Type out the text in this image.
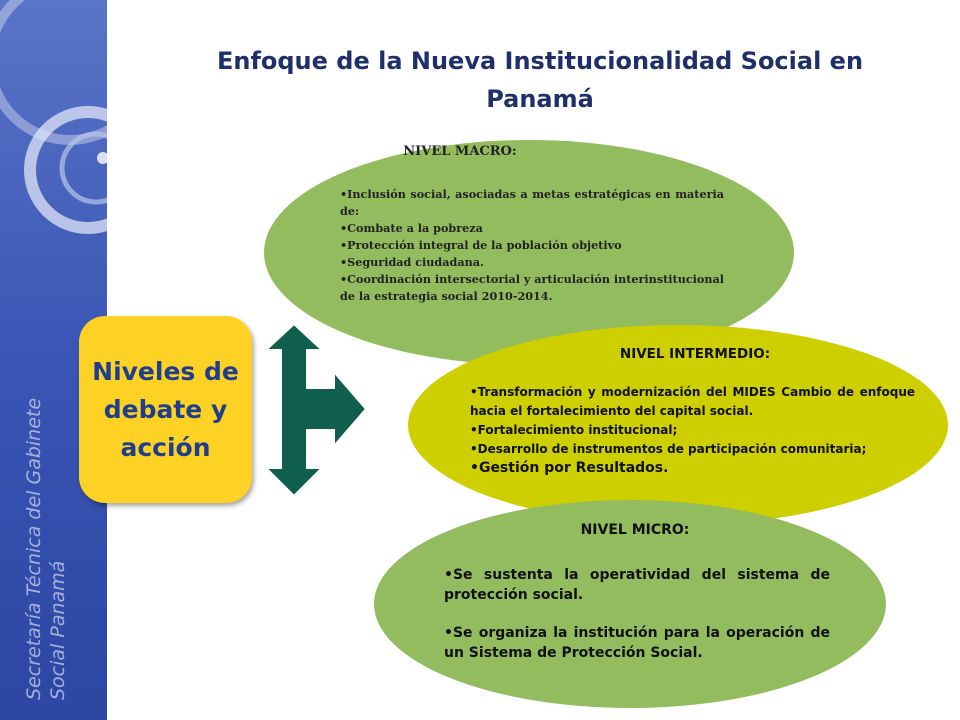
Secretaría Técnica del Gabinete Social Panamá
Enfoque de la Nueva Institucionalidad Social en Panamá
NIVEL MACRO:
•Inclusión social, asociadas a metas estratégicas en materia de:
•Combate a la pobreza
•Protección integral de la población objetivo
•Seguridad ciudadana.
•Coordinación intersectorial y articulación interinstitucional de la estrategia social 2010-2014.
NIVEL INTERMEDIO:
•Transformación y modernización del MIDES Cambio de enfoque hacia el fortalecimiento del capital social.
•Fortalecimiento institucional;
•Desarrollo de instrumentos de participación comunitaria;
•Gestión por Resultados.
NIVEL MICRO:
•Se sustenta la operatividad del sistema de protección social.
•Se organiza la institución para la operación de un Sistema de Protección Social.
Niveles de debate y acción
